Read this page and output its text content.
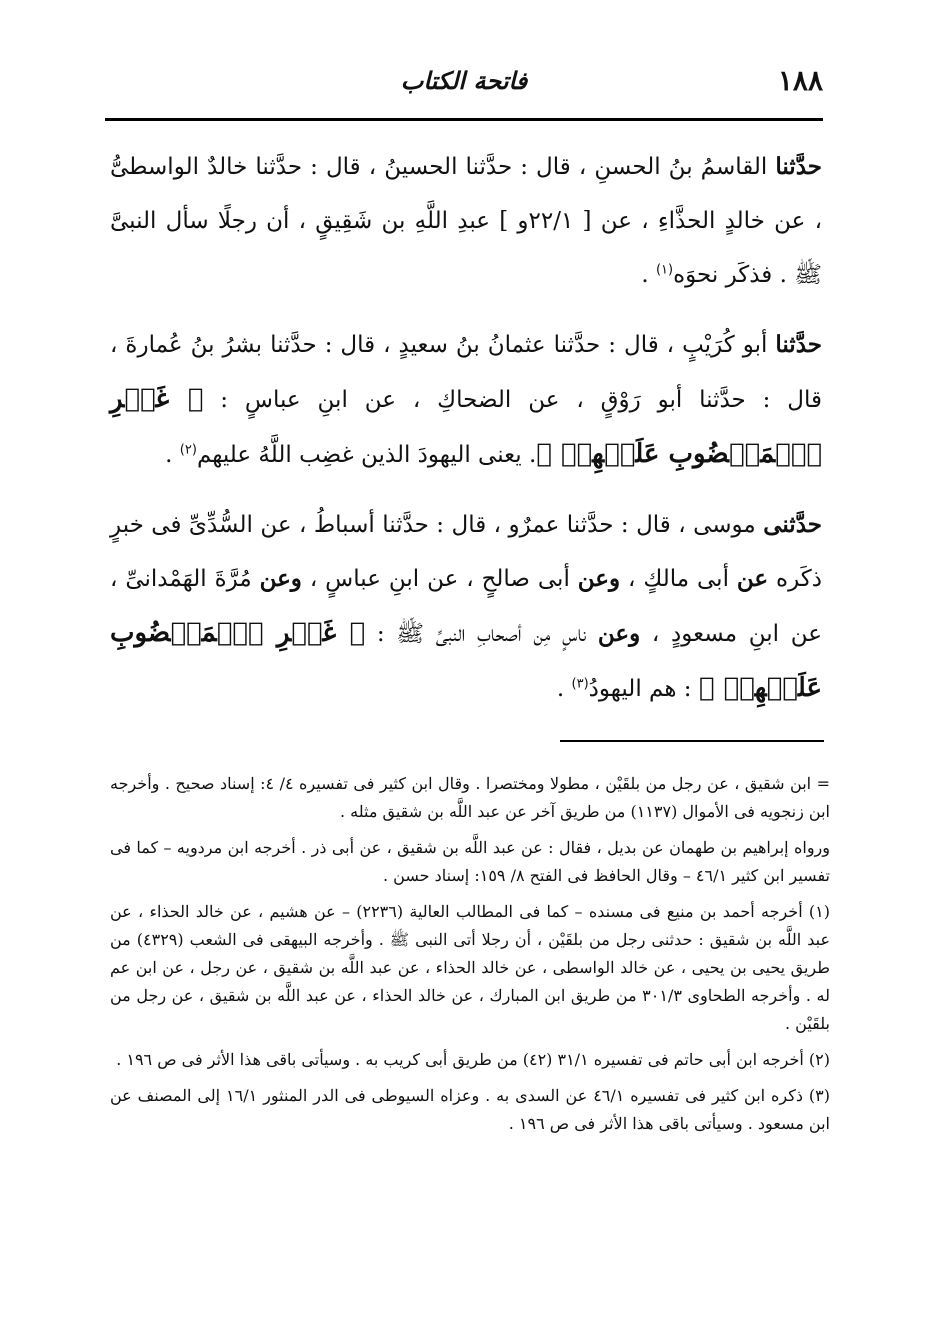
١٨٨
فاتحة الكتاب

حدَّثنا القاسمُ بنُ الحسنِ ، قال : حدَّثنا الحسينُ ، قال : حدَّثنا خالدٌ الواسطىُّ ، عن خالدٍ الحذَّاءِ ، عن [ ٢٢/١و ] عبدِ اللَّهِ بن شَقِيقٍ ، أن رجلًا سأل النبىَّ ﷺ . فذكَر نحوَه$^{(١)}$ .

حدَّثنا أبو كُرَيْبٍ ، قال : حدَّثنا عثمانُ بنُ سعيدٍ ، قال : حدَّثنا بشرُ بنُ عُمارةَ ، قال : حدَّثنا أبو رَوْقٍ ، عن الضحاكِ ، عن ابنِ عباسٍ : ﴿ غَيۡرِ ٱلۡمَغۡضُوبِ عَلَيۡهِمۡ ﴾. يعنى اليهودَ الذين غضِب اللَّهُ عليهم$^{(٢)}$ .

حدَّثنى موسى ، قال : حدَّثنا عمرٌو ، قال : حدَّثنا أسباطُ ، عن السُّدِّىِّ فى خبرٍ ذكَره عن أبى مالكٍ ، وعن أبى صالحٍ ، عن ابنِ عباسٍ ، وعن مُرَّةَ الهَمْدانىِّ ، عن ابنِ مسعودٍ ، وعن ناسٍ مِن أصحابِ النبىِّ ﷺ : ﴿ غَيۡرِ ٱلۡمَغۡضُوبِ عَلَيۡهِمۡ ﴾ : هم اليهودُ$^{(٣)}$ .

= ابن شقيق ، عن رجل من بلقَيْن ، مطولا ومختصرا . وقال ابن كثير فى تفسيره ٤/ ٤: إسناد صحيح . وأخرجه ابن زنجويه فى الأموال (١١٣٧) من طريق آخر عن عبد اللَّه بن شقيق مثله .

ورواه إبراهيم بن طهمان عن بديل ، فقال : عن عبد اللَّه بن شقيق ، عن أبى ذر . أخرجه ابن مردويه – كما فى تفسير ابن كثير ٤٦/١ – وقال الحافظ فى الفتح ٨/ ١٥٩: إسناد حسن .

(١) أخرجه أحمد بن منيع فى مسنده – كما فى المطالب العالية (٢٢٣٦) – عن هشيم ، عن خالد الحذاء ، عن عبد اللَّه بن شقيق : حدثنى رجل من بلقَيْن ، أن رجلا أتى النبى ﷺ . وأخرجه البيهقى فى الشعب (٤٣٢٩) من طريق يحيى بن يحيى ، عن خالد الواسطى ، عن خالد الحذاء ، عن عبد اللَّه بن شقيق ، عن رجل ، عن ابن عم له . وأخرجه الطحاوى ٣٠١/٣ من طريق ابن المبارك ، عن خالد الحذاء ، عن عبد اللَّه بن شقيق ، عن رجل من بلقَيْن .

(٢) أخرجه ابن أبى حاتم فى تفسيره ٣١/١ (٤٢) من طريق أبى كريب به . وسيأتى باقى هذا الأثر فى ص ١٩٦ .

(٣) ذكره ابن كثير فى تفسيره ٤٦/١ عن السدى به . وعزاه السيوطى فى الدر المنثور ١٦/١ إلى المصنف عن ابن مسعود . وسيأتى باقى هذا الأثر فى ص ١٩٦ .
